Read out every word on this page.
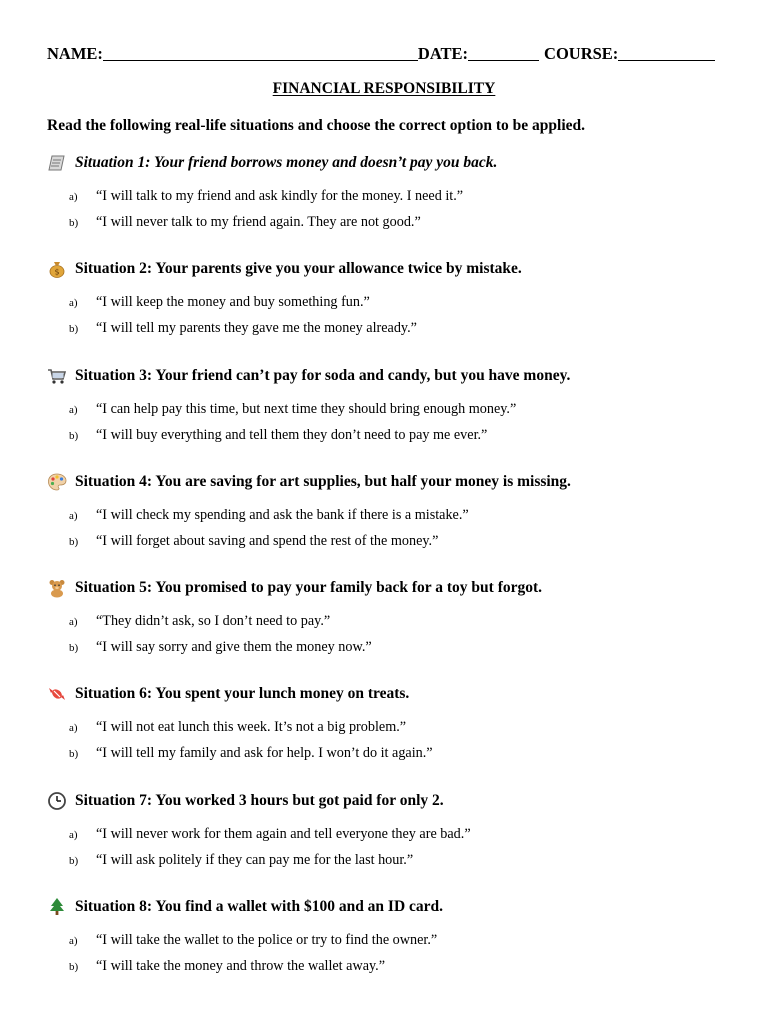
NAME:	DATE:	COURSE:
FINANCIAL RESPONSIBILITY
Read the following real-life situations and choose the correct option to be applied.
Situation 1: Your friend borrows money and doesn’t pay you back.
a)	“I will talk to my friend and ask kindly for the money. I need it.”
b)	“I will never talk to my friend again. They are not good.”
$ Situation 2: Your parents give you your allowance twice by mistake.
a)	“I will keep the money and buy something fun.”
b)	“I will tell my parents they gave me the money already.”
Situation 3: Your friend can’t pay for soda and candy, but you have money.
a)	“I can help pay this time, but next time they should bring enough money.”
b)	“I will buy everything and tell them they don’t need to pay me ever.”
Situation 4: You are saving for art supplies, but half your money is missing.
a)	“I will check my spending and ask the bank if there is a mistake.”
b)	“I will forget about saving and spend the rest of the money.”
Situation 5: You promised to pay your family back for a toy but forgot.
a)	“They didn’t ask, so I don’t need to pay.”
b)	“I will say sorry and give them the money now.”
Situation 6: You spent your lunch money on treats.
a)	“I will not eat lunch this week. It’s not a big problem.”
b)	“I will tell my family and ask for help. I won’t do it again.”
Situation 7: You worked 3 hours but got paid for only 2.
a)	“I will never work for them again and tell everyone they are bad.”
b)	“I will ask politely if they can pay me for the last hour.”
Situation 8: You find a wallet with $100 and an ID card.
a)	“I will take the wallet to the police or try to find the owner.”
b)	“I will take the money and throw the wallet away.”
